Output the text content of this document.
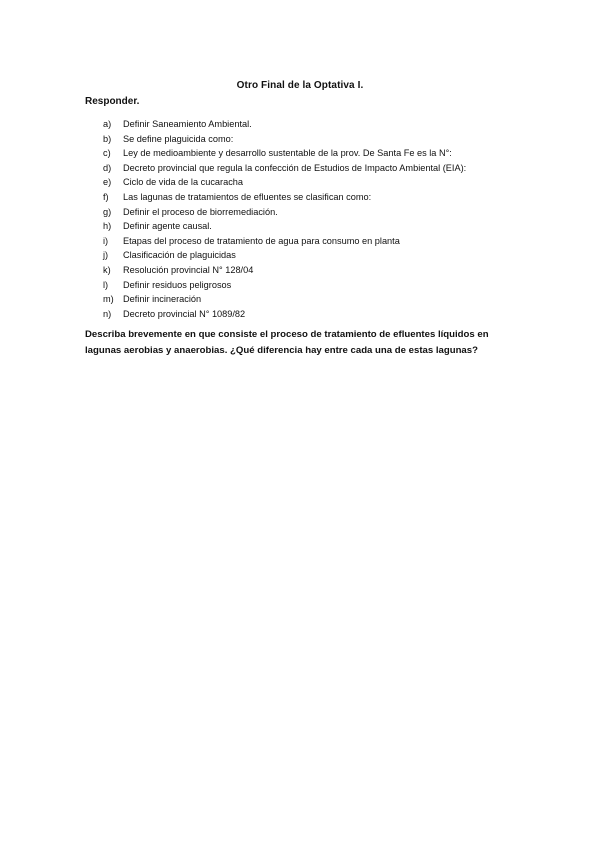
Otro Final de la Optativa I.
Responder.
a)	Definir Saneamiento Ambiental.
b)	Se define plaguicida como:
c)	Ley de medioambiente y desarrollo sustentable de la prov. De Santa Fe es la N°:
d)	Decreto provincial que regula la confección de Estudios de Impacto Ambiental (EIA):
e)	Ciclo de vida de la cucaracha
f)	Las lagunas de tratamientos de efluentes se clasifican como:
g)	Definir el proceso de biorremediación.
h)	Definir agente causal.
i)	Etapas del proceso de tratamiento de agua para consumo en planta
j)	Clasificación de plaguicidas
k)	Resolución provincial N° 128/04
l)	Definir residuos peligrosos
m)	Definir incineración
n)	Decreto provincial N° 1089/82
Describa brevemente en que consiste el proceso de tratamiento de efluentes líquidos en lagunas aerobias y anaerobias. ¿Qué diferencia hay entre cada una de estas lagunas?
